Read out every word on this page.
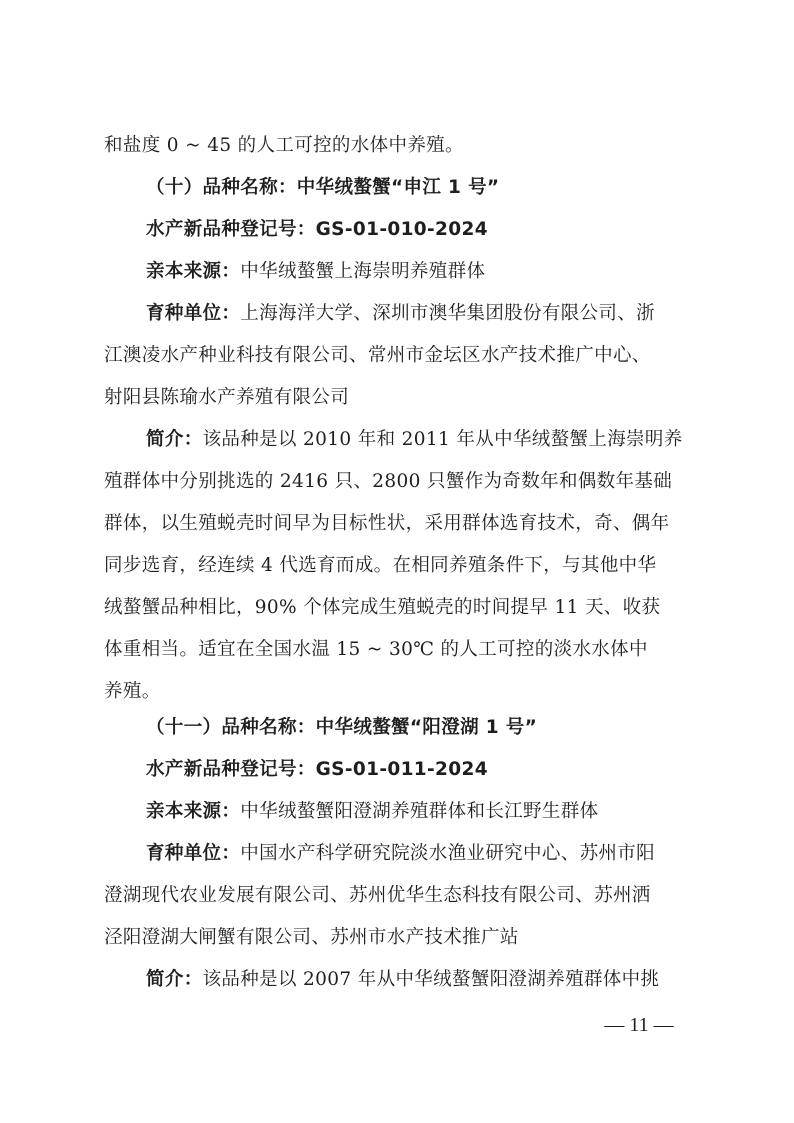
和盐度 0 ~ 45 的人工可控的水体中养殖。
（十）品种名称：中华绒螯蟹“申江 1 号”
水产新品种登记号：GS-01-010-2024
亲本来源：中华绒螯蟹上海崇明养殖群体
育种单位：上海海洋大学、深圳市澳华集团股份有限公司、浙
江澳凌水产种业科技有限公司、常州市金坛区水产技术推广中心、
射阳县陈瑜水产养殖有限公司
简介：该品种是以 2010 年和 2011 年从中华绒螯蟹上海崇明养
殖群体中分别挑选的 2416 只、2800 只蟹作为奇数年和偶数年基础
群体，以生殖蜕壳时间早为目标性状，采用群体选育技术，奇、偶年
同步选育，经连续 4 代选育而成。在相同养殖条件下，与其他中华
绒螯蟹品种相比，90% 个体完成生殖蜕壳的时间提早 11 天、收获
体重相当。适宜在全国水温 15 ~ 30℃ 的人工可控的淡水水体中
养殖。
（十一）品种名称：中华绒螯蟹“阳澄湖 1 号”
水产新品种登记号：GS-01-011-2024
亲本来源：中华绒螯蟹阳澄湖养殖群体和长江野生群体
育种单位：中国水产科学研究院淡水渔业研究中心、苏州市阳
澄湖现代农业发展有限公司、苏州优华生态科技有限公司、苏州洒
泾阳澄湖大闸蟹有限公司、苏州市水产技术推广站
简介：该品种是以 2007 年从中华绒螯蟹阳澄湖养殖群体中挑
— 11 —
